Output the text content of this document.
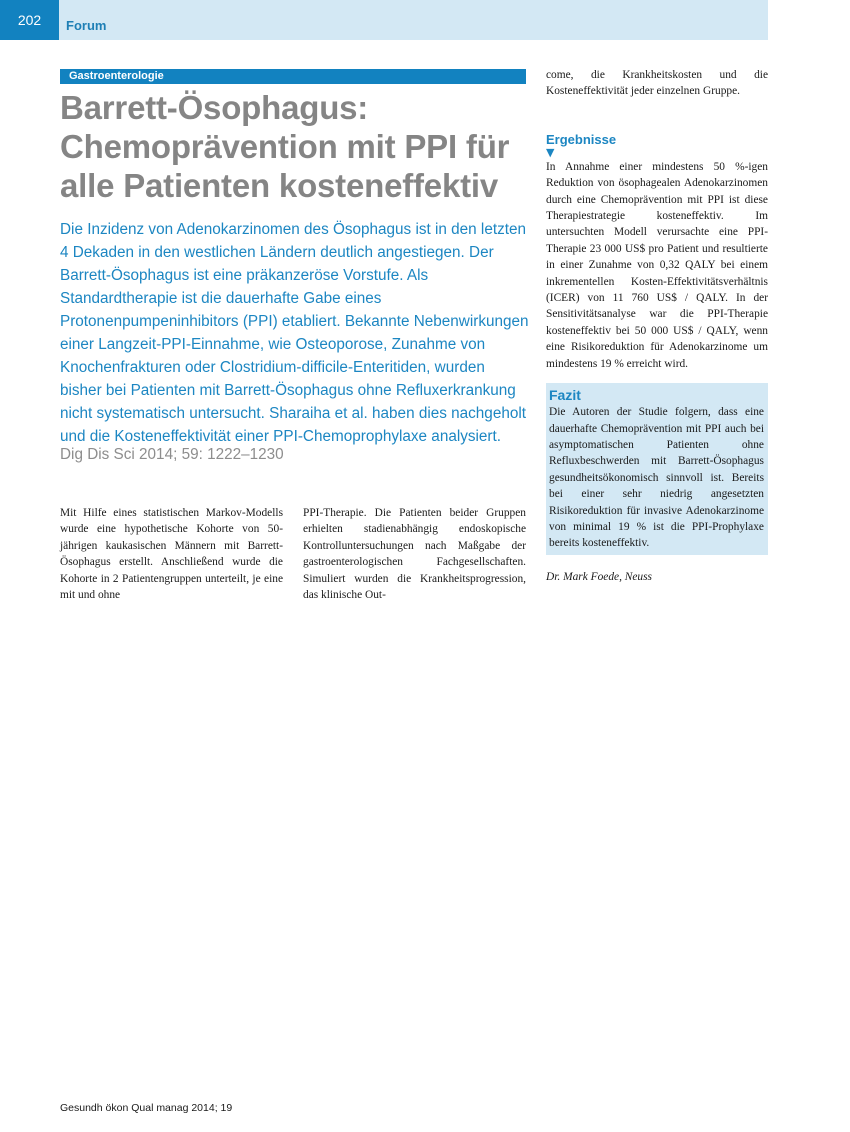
202	Forum
Gastroenterologie
Barrett-Ösophagus: Chemoprävention mit PPI für alle Patienten kosteneffektiv

Die Inzidenz von Adenokarzinomen des Ösophagus ist in den letzten 4 Dekaden in den westlichen Ländern deutlich angestiegen. Der Barrett-Ösophagus ist eine präkanzeröse Vorstufe. Als Standardtherapie ist die dauerhafte Gabe eines Protonenpumpeninhibitors (PPI) etabliert. Bekannte Nebenwirkungen einer Langzeit-PPI-Einnahme, wie Osteoporose, Zunahme von Knochenfrakturen oder Clostridium-difficile-Enteritiden, wurden bisher bei Patienten mit Barrett-Ösophagus ohne Refluxerkrankung nicht systematisch untersucht. Sharaiha et al. haben dies nachgeholt und die Kosteneffektivität einer PPI-Chemoprophylaxe analysiert.

Dig Dis Sci 2014; 59: 1222–1230

Mit Hilfe eines statistischen Markov-Modells wurde eine hypothetische Kohorte von 50-jährigen kaukasischen Männern mit Barrett-Ösophagus erstellt. Anschließend wurde die Kohorte in 2 Patientengruppen unterteilt, je eine mit und ohne

PPI-Therapie. Die Patienten beider Gruppen erhielten stadienabhängig endoskopische Kontrolluntersuchungen nach Maßgabe der gastroenterologischen Fachgesellschaften. Simuliert wurden die Krankheitsprogression, das klinische Out-

come, die Krankheitskosten und die Kosteneffektivität jeder einzelnen Gruppe.

Ergebnisse
▼

In Annahme einer mindestens 50 %-igen Reduktion von ösophagealen Adenokarzinomen durch eine Chemoprävention mit PPI ist diese Therapiestrategie kosteneffektiv. Im untersuchten Modell verursachte eine PPI-Therapie 23 000 US$ pro Patient und resultierte in einer Zunahme von 0,32 QALY bei einem inkrementellen Kosten-Effektivitätsverhältnis (ICER) von 11 760 US$ / QALY. In der Sensitivitätsanalyse war die PPI-Therapie kosteneffektiv bei 50 000 US$ / QALY, wenn eine Risikoreduktion für Adenokarzinome um mindestens 19 % erreicht wird.

Fazit

Die Autoren der Studie folgern, dass eine dauerhafte Chemoprävention mit PPI auch bei asymptomatischen Patienten ohne Refluxbeschwerden mit Barrett-Ösophagus gesundheitsökonomisch sinnvoll ist. Bereits bei einer sehr niedrig angesetzten Risikoreduktion für invasive Adenokarzinome von minimal 19 % ist die PPI-Prophylaxe bereits kosteneffektiv.

Dr. Mark Foede, Neuss
Gesundh ökon Qual manag 2014; 19
